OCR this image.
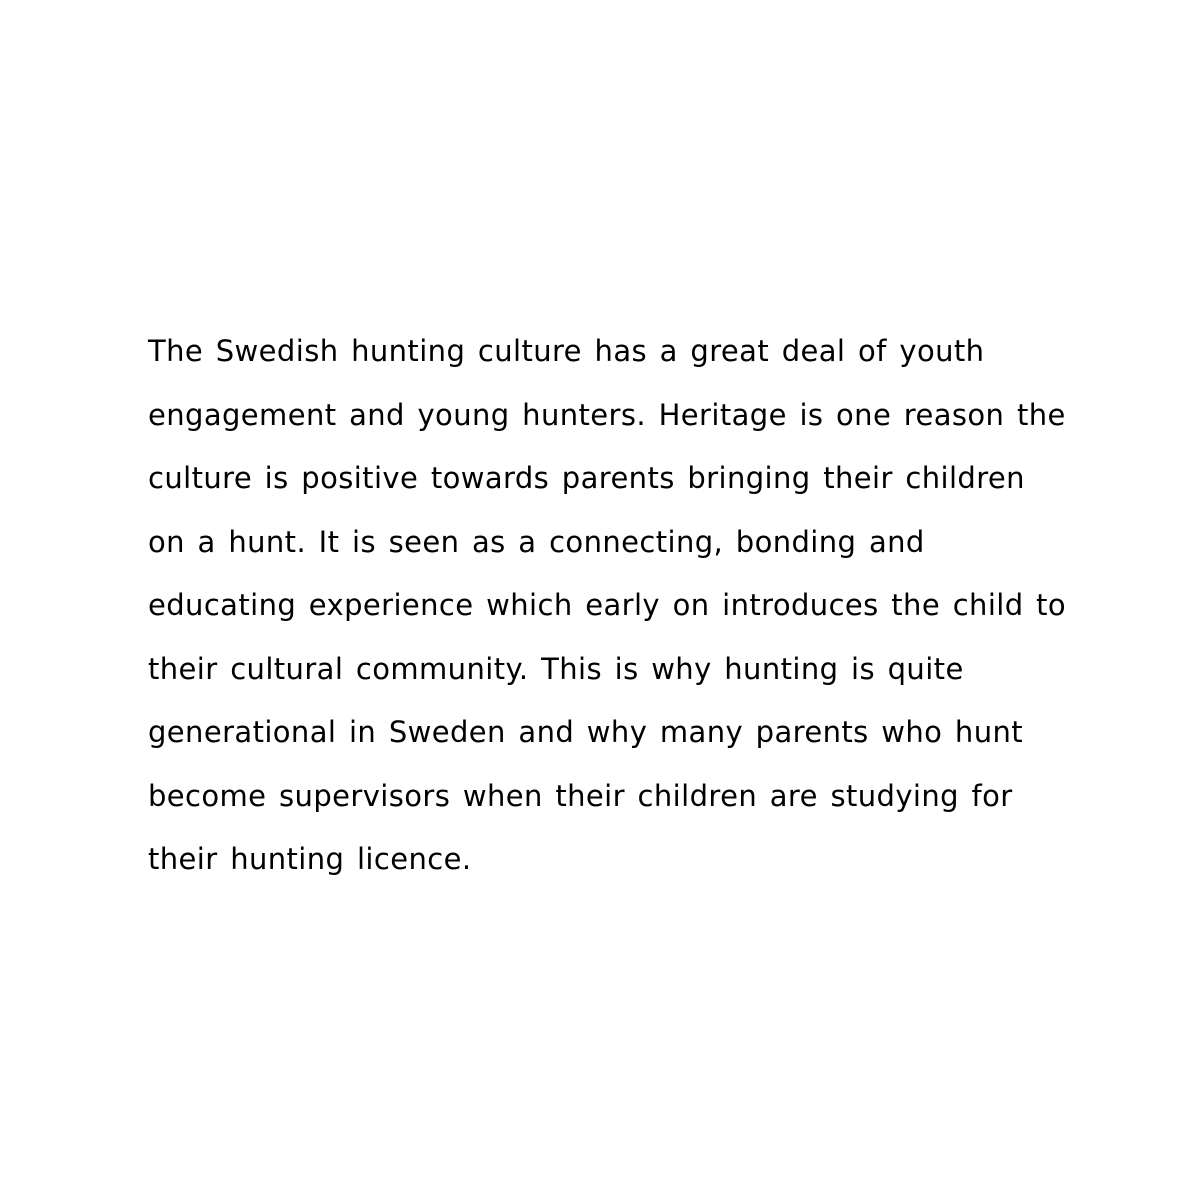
The Swedish hunting culture has a great deal of youth
engagement and young hunters. Heritage is one reason the
culture is positive towards parents bringing their children
on a hunt. It is seen as a connecting, bonding and
educating experience which early on introduces the child to
their cultural community. This is why hunting is quite
generational in Sweden and why many parents who hunt
become supervisors when their children are studying for
their hunting licence.
